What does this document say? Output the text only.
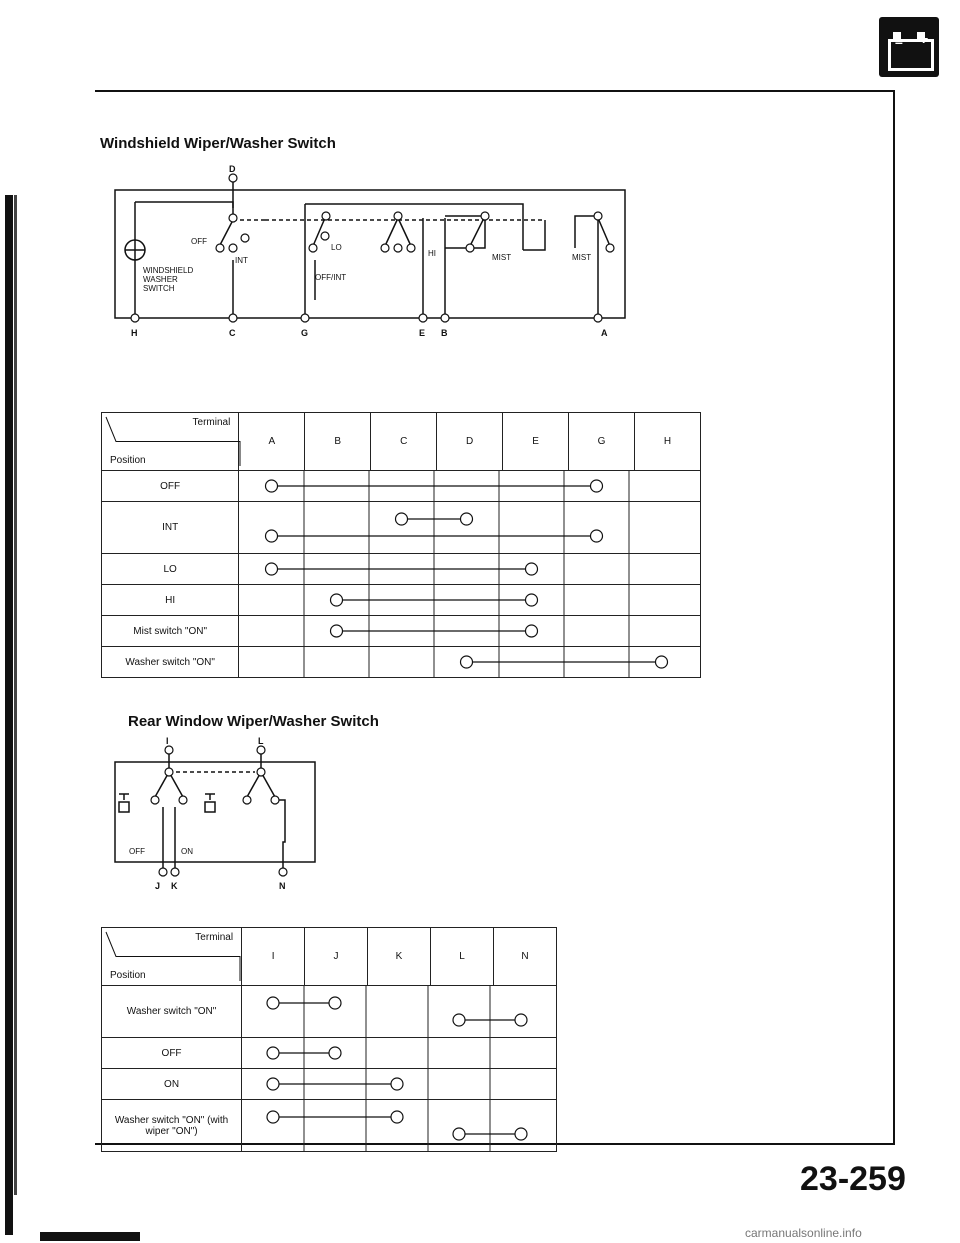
– +
Windshield Wiper/Washer Switch
Rear Window Wiper/Washer Switch
OFF
INT
LO
HI	MIST	MIST
OFF/INT
WINDSHIELD
WASHER
SWITCH
D
H	C	G	E B	A
Terminal
Position	A	B	C	D	E	G	H
OFF	

INT	

LO	

HI	

Mist switch "ON"	

Washer switch "ON"	
OFF	ON
I	L
J K	N
Terminal
Position	I	J	K	L	N
Washer switch "ON"	

OFF	

ON	

Washer switch "ON" (with wiper "ON")	
23-259
carmanualsonline.info
